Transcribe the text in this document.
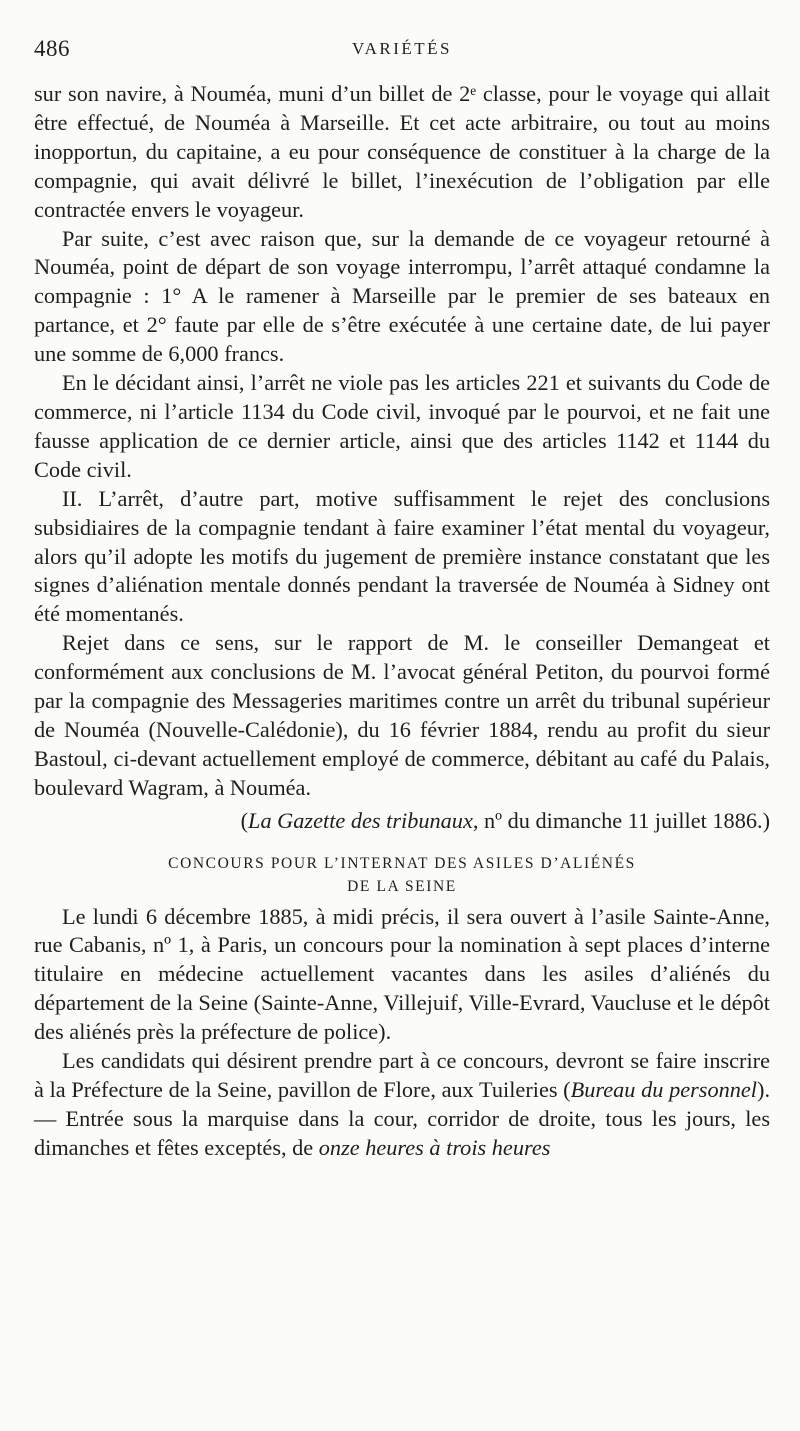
486	VARIÉTÉS

sur son navire, à Nouméa, muni d’un billet de 2ᵉ classe, pour le voyage qui allait être effectué, de Nouméa à Marseille. Et cet acte arbitraire, ou tout au moins inopportun, du capitaine, a eu pour conséquence de constituer à la charge de la compagnie, qui avait délivré le billet, l’inexécution de l’obligation par elle contractée envers le voyageur.

Par suite, c’est avec raison que, sur la demande de ce voyageur retourné à Nouméa, point de départ de son voyage interrompu, l’arrêt attaqué condamne la compagnie : 1° A le ramener à Marseille par le premier de ses bateaux en partance, et 2° faute par elle de s’être exécutée à une certaine date, de lui payer une somme de 6,000 francs.

En le décidant ainsi, l’arrêt ne viole pas les articles 221 et suivants du Code de commerce, ni l’article 1134 du Code civil, invoqué par le pourvoi, et ne fait une fausse application de ce dernier article, ainsi que des articles 1142 et 1144 du Code civil.

II. L’arrêt, d’autre part, motive suffisamment le rejet des conclusions subsidiaires de la compagnie tendant à faire examiner l’état mental du voyageur, alors qu’il adopte les motifs du jugement de première instance constatant que les signes d’aliénation mentale donnés pendant la traversée de Nouméa à Sidney ont été momentanés.

Rejet dans ce sens, sur le rapport de M. le conseiller Demangeat et conformément aux conclusions de M. l’avocat général Petiton, du pourvoi formé par la compagnie des Messageries maritimes contre un arrêt du tribunal supérieur de Nouméa (Nouvelle-Calédonie), du 16 février 1884, rendu au profit du sieur Bastoul, ci-devant actuellement employé de commerce, débitant au café du Palais, boulevard Wagram, à Nouméa.

(La Gazette des tribunaux, nº du dimanche 11 juillet 1886.)

CONCOURS POUR L’INTERNAT DES ASILES D’ALIÉNÉS
DE LA SEINE

Le lundi 6 décembre 1885, à midi précis, il sera ouvert à l’asile Sainte-Anne, rue Cabanis, nº 1, à Paris, un concours pour la nomination à sept places d’interne titulaire en médecine actuellement vacantes dans les asiles d’aliénés du département de la Seine (Sainte-Anne, Villejuif, Ville-Evrard, Vaucluse et le dépôt des aliénés près la préfecture de police).

Les candidats qui désirent prendre part à ce concours, devront se faire inscrire à la Préfecture de la Seine, pavillon de Flore, aux Tuileries (Bureau du personnel). — Entrée sous la marquise dans la cour, corridor de droite, tous les jours, les dimanches et fêtes exceptés, de onze heures à trois heures
